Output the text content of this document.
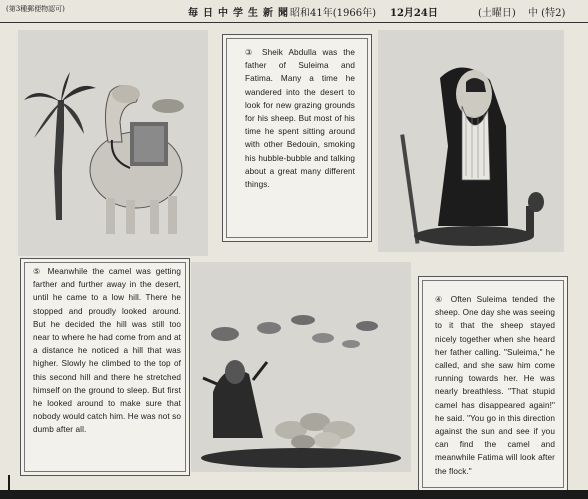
(第3種郵便物認可)	毎日中学生新聞
昭和41年(1966年) 12月24日	(土曜日) 中 (特2)
③ Sheik Abdulla was the father of Suleima and Fatima. Many a time he wandered into the desert to look for new grazing grounds for his sheep. But most of his time he spent sitting around with other Bedouin, smoking his hubble-bubble and talking about a great many different things.
⑤ Meanwhile the camel was getting farther and further away in the desert, until he came to a low hill. There he stopped and proudly looked around. But he decided the hill was still too near to where he had come from and at a distance he noticed a hill that was higher. Slowly he climbed to the top of this second hill and there he stretched himself on the ground to sleep. But first he looked around to make sure that nobody would catch him. He was not so dumb after all.
④ Often Suleima tended the sheep. One day she was seeing to it that the sheep stayed nicely together when she heard her father calling. "Suleima," he called, and she saw him come running towards her. He was nearly breathless. "That stupid camel has disappeared again!" he said. "You go in this direction against the sun and see if you can find the camel and meanwhile Fatima will look after the flock."
